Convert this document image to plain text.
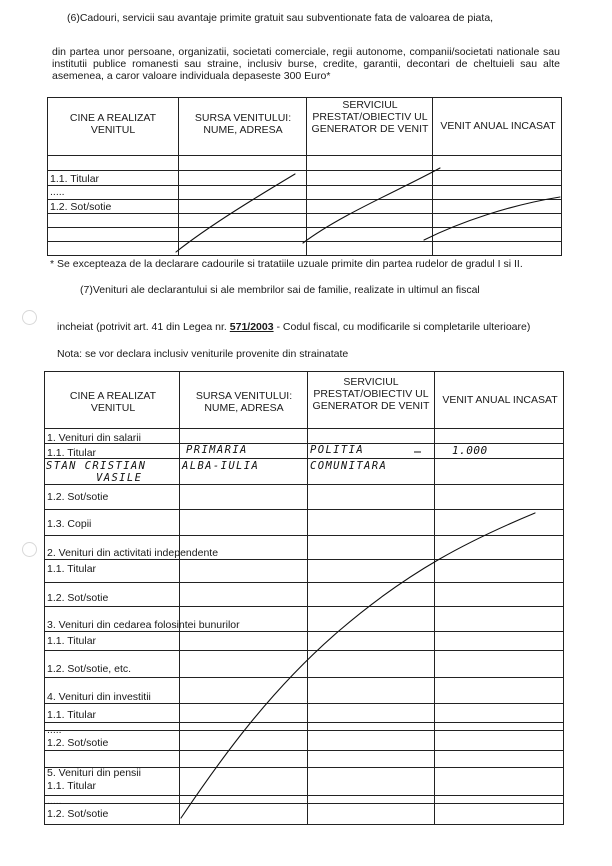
(6)Cadouri, servicii sau avantaje primite gratuit sau subventionate fata de valoarea de piata,
din partea unor persoane, organizatii, societati comerciale, regii autonome, companii/societati nationale sau institutii publice romanesti sau straine, inclusiv burse, credite, garantii, decontari de cheltuieli sau alte asemenea, a caror valoare individuala depaseste 300 Euro*
CINE A REALIZAT VENITUL
SURSA VENITULUI: NUME, ADRESA
SERVICIUL PRESTAT/OBIECTIV UL GENERATOR DE VENIT	VENIT ANUAL INCASAT
1.1. Titular
.....
1.2. Sot/sotie
* Se excepteaza de la declarare cadourile si tratatiile uzuale primite din partea rudelor de gradul I si II.
(7)Venituri ale declarantului si ale membrilor sai de familie, realizate in ultimul an fiscal
incheiat (potrivit art. 41 din Legea nr. 571/2003 - Codul fiscal, cu modificarile si completarile ulterioare)
Nota: se vor declara inclusiv veniturile provenite din strainatate
CINE A REALIZAT VENITUL
SURSA VENITULUI: NUME, ADRESA
SERVICIUL PRESTAT/OBIECTIV UL GENERATOR DE VENIT	VENIT ANUAL INCASAT
1. Venituri din salarii
1.1. Titular
1.2. Sot/sotie
1.3. Copii
2. Venituri din activitati independente
1.1. Titular
1.2. Sot/sotie
3. Venituri din cedarea folosintei bunurilor
1.1. Titular
1.2. Sot/sotie, etc.
4. Venituri din investitii
1.1. Titular
.....
1.2. Sot/sotie
5. Venituri din pensii
1.1. Titular
.....
1.2. Sot/sotie
STAN CRISTIAN
VASILE
PRIMARIA
ALBA-IULIA
POLITIA
COMUNITARA
1.000
